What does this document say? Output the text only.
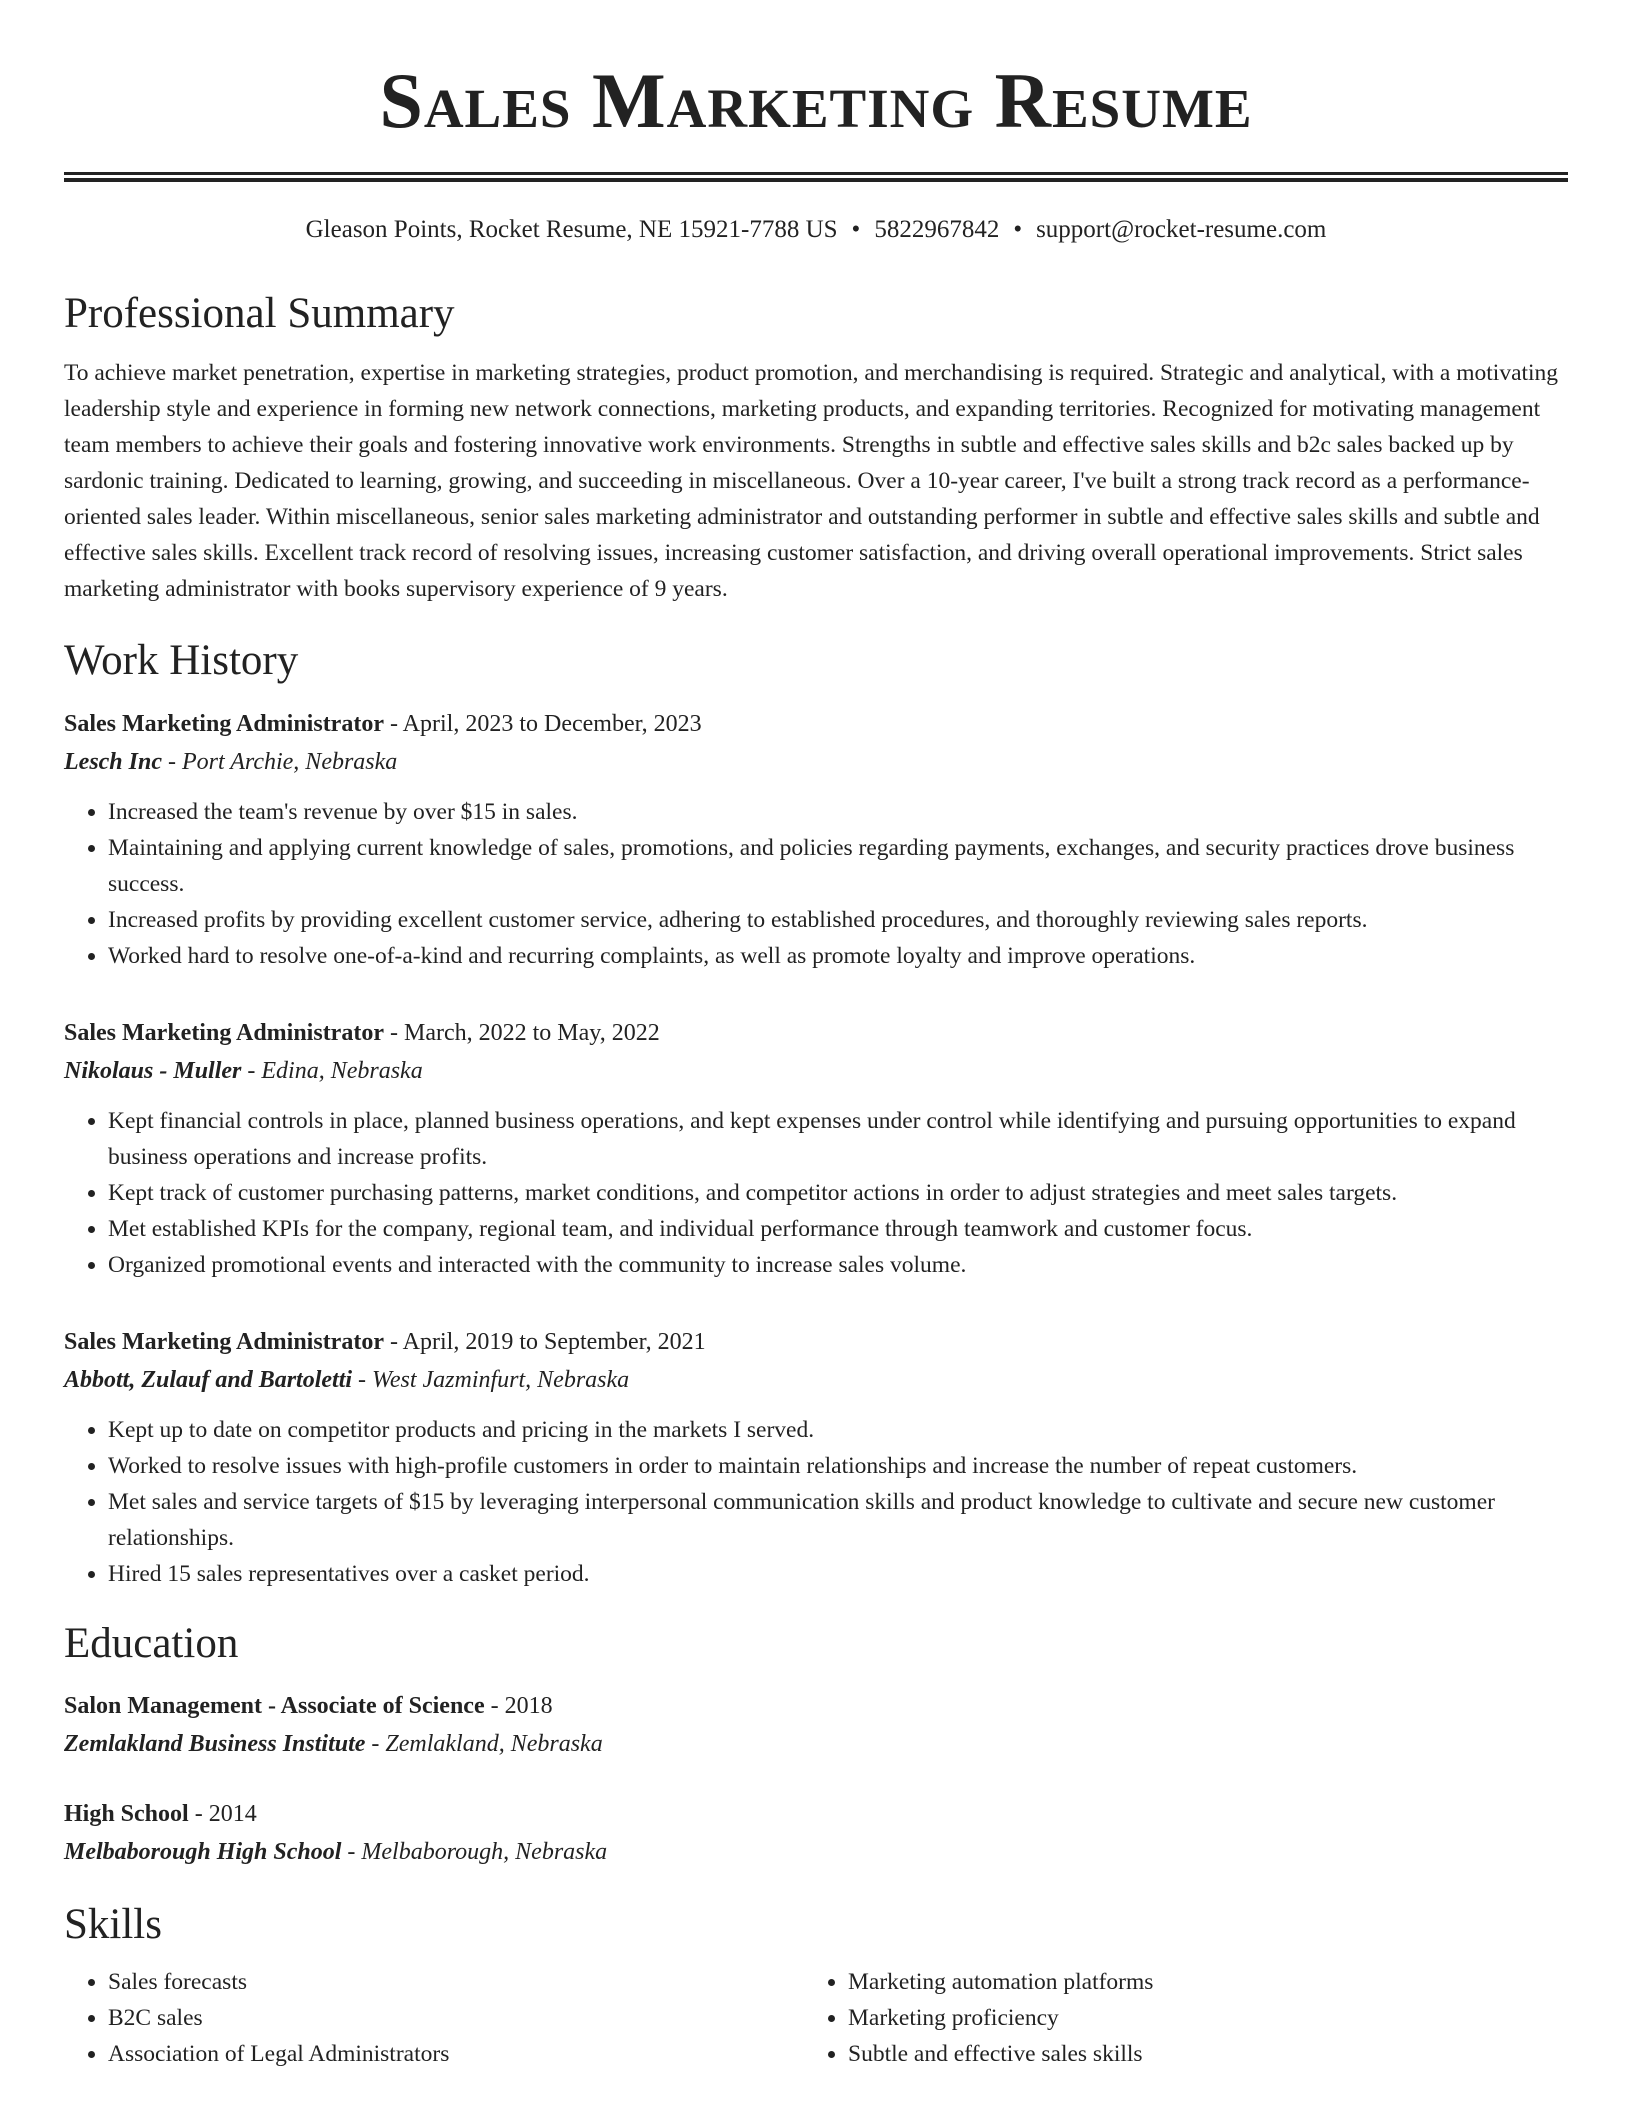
Sales Marketing Resume
Gleason Points, Rocket Resume, NE 15921-7788 US • 5822967842 • support@rocket-resume.com
Professional Summary

To achieve market penetration, expertise in marketing strategies, product promotion, and merchandising is required. Strategic and analytical, with a motivating leadership style and experience in forming new network connections, marketing products, and expanding territories. Recognized for motivating management team members to achieve their goals and fostering innovative work environments. Strengths in subtle and effective sales skills and b2c sales backed up by sardonic training. Dedicated to learning, growing, and succeeding in miscellaneous. Over a 10-year career, I've built a strong track record as a performance-oriented sales leader. Within miscellaneous, senior sales marketing administrator and outstanding performer in subtle and effective sales skills and subtle and effective sales skills. Excellent track record of resolving issues, increasing customer satisfaction, and driving overall operational improvements. Strict sales marketing administrator with books supervisory experience of 9 years.

Work History
Sales Marketing Administrator - April, 2023 to December, 2023
Lesch Inc - Port Archie, Nebraska
• Increased the team's revenue by over $15 in sales.
• Maintaining and applying current knowledge of sales, promotions, and policies regarding payments, exchanges, and security practices drove business success.
• Increased profits by providing excellent customer service, adhering to established procedures, and thoroughly reviewing sales reports.
• Worked hard to resolve one-of-a-kind and recurring complaints, as well as promote loyalty and improve operations.
Sales Marketing Administrator - March, 2022 to May, 2022
Nikolaus - Muller - Edina, Nebraska
• Kept financial controls in place, planned business operations, and kept expenses under control while identifying and pursuing opportunities to expand business operations and increase profits.
• Kept track of customer purchasing patterns, market conditions, and competitor actions in order to adjust strategies and meet sales targets.
• Met established KPIs for the company, regional team, and individual performance through teamwork and customer focus.
• Organized promotional events and interacted with the community to increase sales volume.
Sales Marketing Administrator - April, 2019 to September, 2021
Abbott, Zulauf and Bartoletti - West Jazminfurt, Nebraska
• Kept up to date on competitor products and pricing in the markets I served.
• Worked to resolve issues with high-profile customers in order to maintain relationships and increase the number of repeat customers.
• Met sales and service targets of $15 by leveraging interpersonal communication skills and product knowledge to cultivate and secure new customer relationships.
• Hired 15 sales representatives over a casket period.
Education
Salon Management - Associate of Science - 2018
Zemlakland Business Institute - Zemlakland, Nebraska
High School - 2014
Melbaborough High School - Melbaborough, Nebraska
Skills
• Sales forecasts
• B2C sales
• Association of Legal Administrators
• Marketing automation platforms
• Marketing proficiency
• Subtle and effective sales skills
